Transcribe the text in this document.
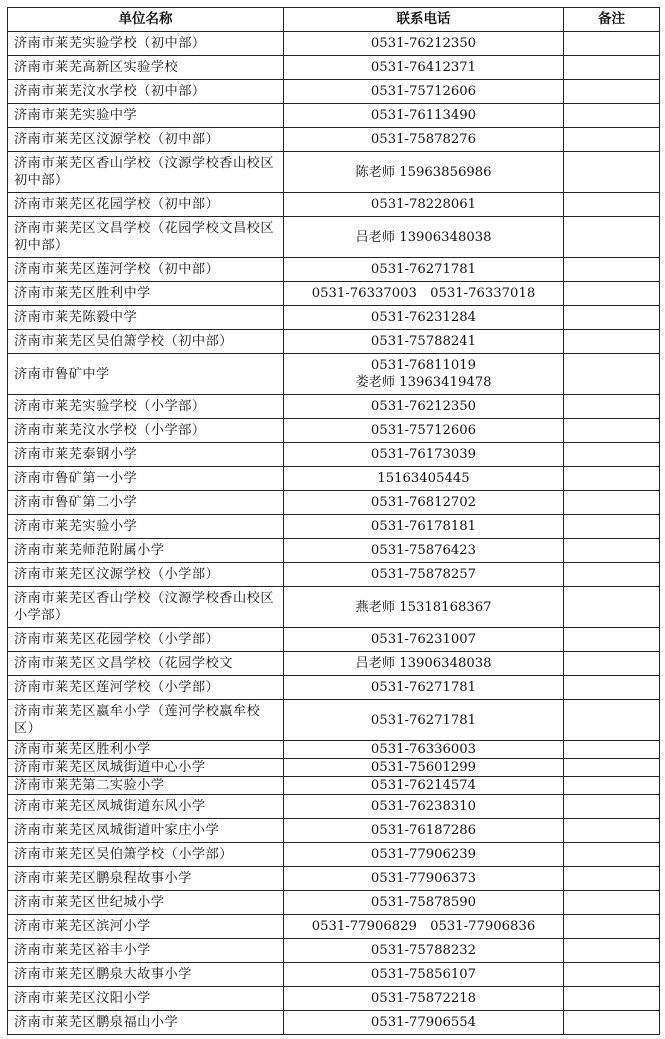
单位名称	联系电话	备注
济南市莱芜实验学校（初中部）	0531-76212350	

济南市莱芜高新区实验学校	0531-76412371	

济南市莱芜汶水学校（初中部）	0531-75712606	

济南市莱芜实验中学	0531-76113490	

济南市莱芜区汶源学校（初中部）	0531-75878276	

济南市莱芜区香山学校（汶源学校香山校区初中部）	陈老师 15963856986	

济南市莱芜区花园学校（初中部）	0531-78228061	

济南市莱芜区文昌学校（花园学校文昌校区初中部）	吕老师 13906348038	

济南市莱芜区莲河学校（初中部）	0531-76271781	

济南市莱芜区胜利中学	0531-76337003　0531-76337018	

济南市莱芜陈毅中学	0531-76231284	

济南市莱芜区吴伯箫学校（初中部）	0531-75788241	

济南市鲁矿中学	0531-76811019
娄老师 13963419478	

济南市莱芜实验学校（小学部）	0531-76212350	

济南市莱芜汶水学校（小学部）	0531-75712606	

济南市莱芜泰钢小学	0531-76173039	

济南市鲁矿第一小学	15163405445	

济南市鲁矿第二小学	0531-76812702	

济南市莱芜实验小学	0531-76178181	

济南市莱芜师范附属小学	0531-75876423	

济南市莱芜区汶源学校（小学部）	0531-75878257	

济南市莱芜区香山学校（汶源学校香山校区小学部）	燕老师 15318168367	

济南市莱芜区花园学校（小学部）	0531-76231007	

济南市莱芜区文昌学校（花园学校文	吕老师 13906348038	

济南市莱芜区莲河学校（小学部）	0531-76271781	

济南市莱芜区嬴牟小学（莲河学校嬴牟校区）	0531-76271781	

济南市莱芜区胜利小学	0531-76336003	

济南市莱芜区凤城街道中心小学	0531-75601299	

济南市莱芜第二实验小学	0531-76214574	

济南市莱芜区凤城街道东风小学	0531-76238310	

济南市莱芜区凤城街道叶家庄小学	0531-76187286	

济南市莱芜区吴伯箫学校（小学部）	0531-77906239	

济南市莱芜区鹏泉程故事小学	0531-77906373	

济南市莱芜区世纪城小学	0531-75878590	

济南市莱芜区滨河小学	0531-77906829　0531-77906836	

济南市莱芜区裕丰小学	0531-75788232	

济南市莱芜区鹏泉大故事小学	0531-75856107	

济南市莱芜区汶阳小学	0531-75872218	

济南市莱芜区鹏泉福山小学	0531-77906554	
